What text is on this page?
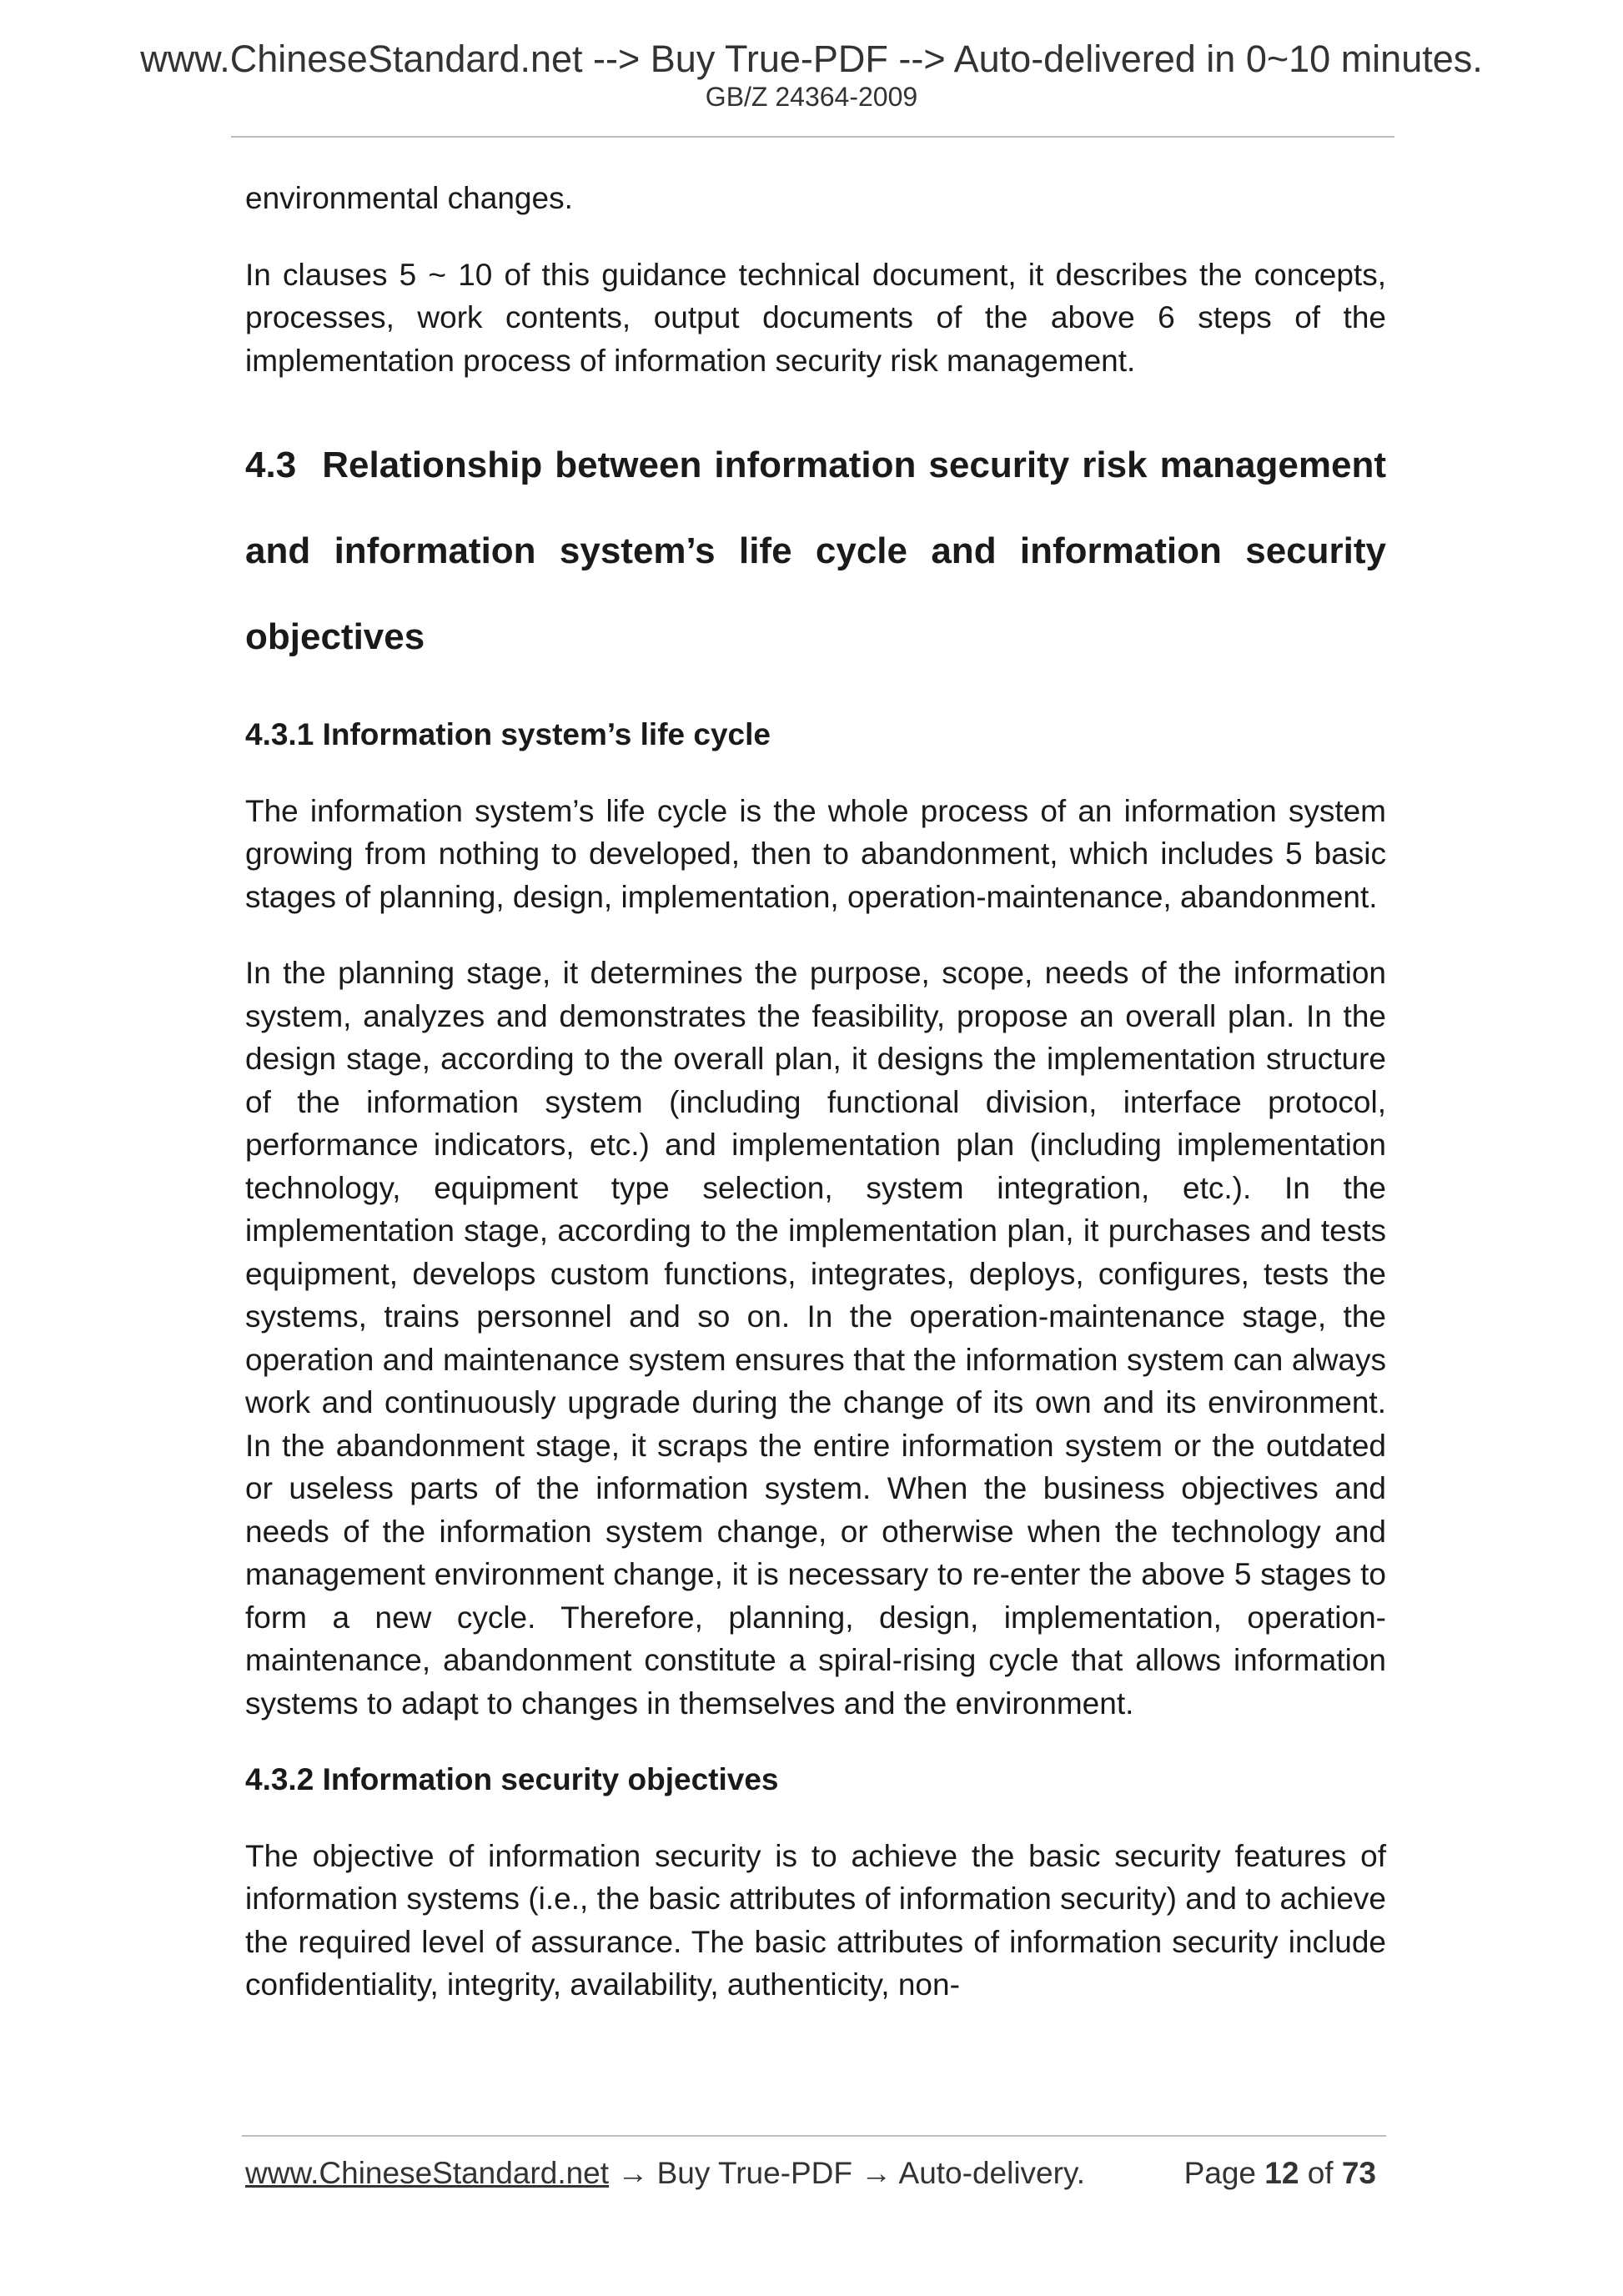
www.ChineseStandard.net --> Buy True-PDF --> Auto-delivered in 0~10 minutes.
GB/Z 24364-2009

environmental changes.

In clauses 5 ~ 10 of this guidance technical document, it describes the concepts, processes, work contents, output documents of the above 6 steps of the implementation process of information security risk management.

4.3 Relationship between information security risk management and information system’s life cycle and information security objectives
4.3.1 Information system’s life cycle

The information system’s life cycle is the whole process of an information system growing from nothing to developed, then to abandonment, which includes 5 basic stages of planning, design, implementation, operation-maintenance, abandonment.

In the planning stage, it determines the purpose, scope, needs of the information system, analyzes and demonstrates the feasibility, propose an overall plan. In the design stage, according to the overall plan, it designs the implementation structure of the information system (including functional division, interface protocol, performance indicators, etc.) and implementation plan (including implementation technology, equipment type selection, system integration, etc.). In the implementation stage, according to the implementation plan, it purchases and tests equipment, develops custom functions, integrates, deploys, configures, tests the systems, trains personnel and so on. In the operation-maintenance stage, the operation and maintenance system ensures that the information system can always work and continuously upgrade during the change of its own and its environment. In the abandonment stage, it scraps the entire information system or the outdated or useless parts of the information system. When the business objectives and needs of the information system change, or otherwise when the technology and management environment change, it is necessary to re-enter the above 5 stages to form a new cycle. Therefore, planning, design, implementation, operation-maintenance, abandonment constitute a spiral-rising cycle that allows information systems to adapt to changes in themselves and the environment.

4.3.2 Information security objectives

The objective of information security is to achieve the basic security features of information systems (i.e., the basic attributes of information security) and to achieve the required level of assurance. The basic attributes of information security include confidentiality, integrity, availability, authenticity, non-

www.ChineseStandard.net → Buy True-PDF → Auto-delivery.	Page 12 of 73
